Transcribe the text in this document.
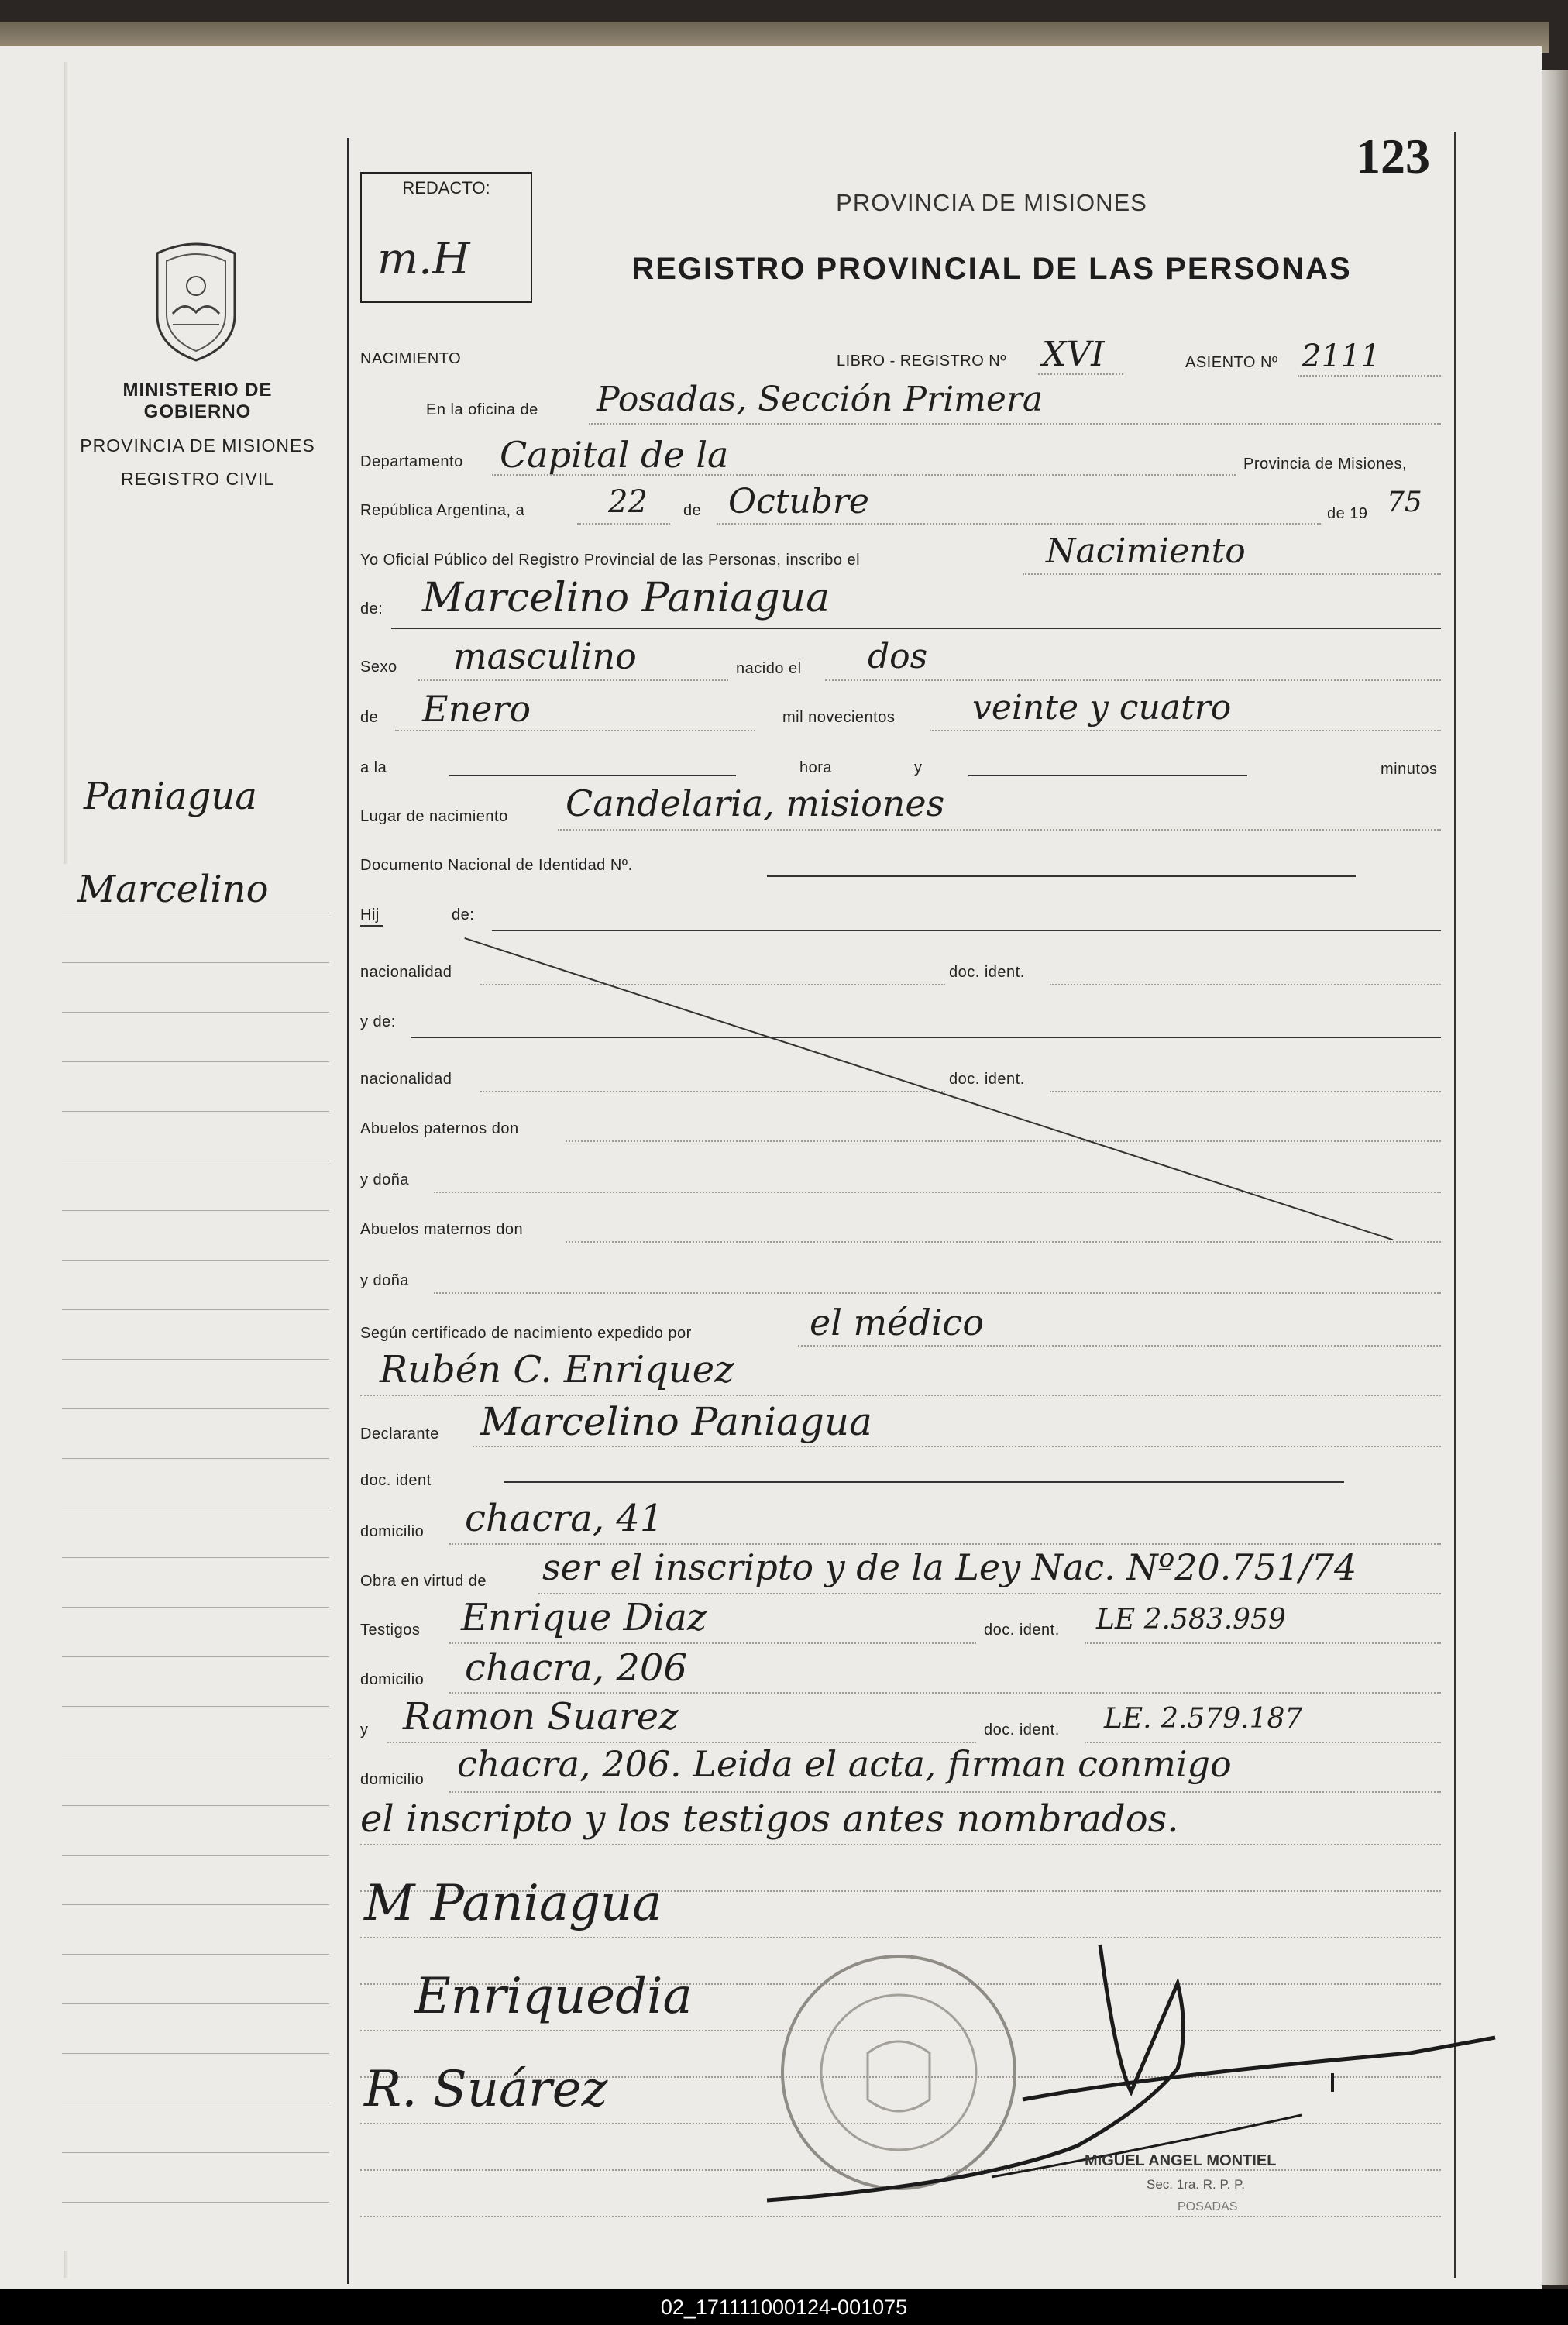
123
REDACTO:
m.H
PROVINCIA DE MISIONES
REGISTRO PROVINCIAL DE LAS PERSONAS
MINISTERIO DE GOBIERNO
PROVINCIA DE MISIONES
REGISTRO CIVIL
Paniagua
Marcelino
NACIMIENTO	LIBRO - REGISTRO Nº XVI	ASIENTO Nº 2111
En la oficina de Posadas, Sección Primera
Departamento Capital de la	Provincia de Misiones,
República Argentina, a	22 de Octubre	de 19 75
Yo Oficial Público del Registro Provincial de las Personas, inscribo el	Nacimiento
de: Marcelino Paniagua
Sexo masculino	nacido el dos
de Enero	mil novecientos veinte y cuatro
a la	hora	y	minutos
Lugar de nacimiento Candelaria, misiones
Documento Nacional de Identidad Nº.
Hij	de:
nacionalidad	doc. ident.
y de:
nacionalidad	doc. ident.
Abuelos paternos don
y doña
Abuelos maternos don
y doña
Según certificado de nacimiento expedido por	el médico
Rubén C. Enriquez
Declarante Marcelino Paniagua
doc. ident
domicilio chacra, 41
Obra en virtud de ser el inscripto y de la Ley Nac. Nº20.751/74
Testigos Enrique Diaz	doc. ident. LE 2.583.959
domicilio chacra, 206
y Ramon Suarez	doc. ident. LE. 2.579.187
domicilio chacra, 206. Leida el acta, firman conmigo
el inscripto y los testigos antes nombrados.
M Paniagua
Enriquedia
R. Suárez
MIGUEL ANGEL MONTIEL
Sec. 1ra. R. P. P.
POSADAS
02_171111000124-001075
